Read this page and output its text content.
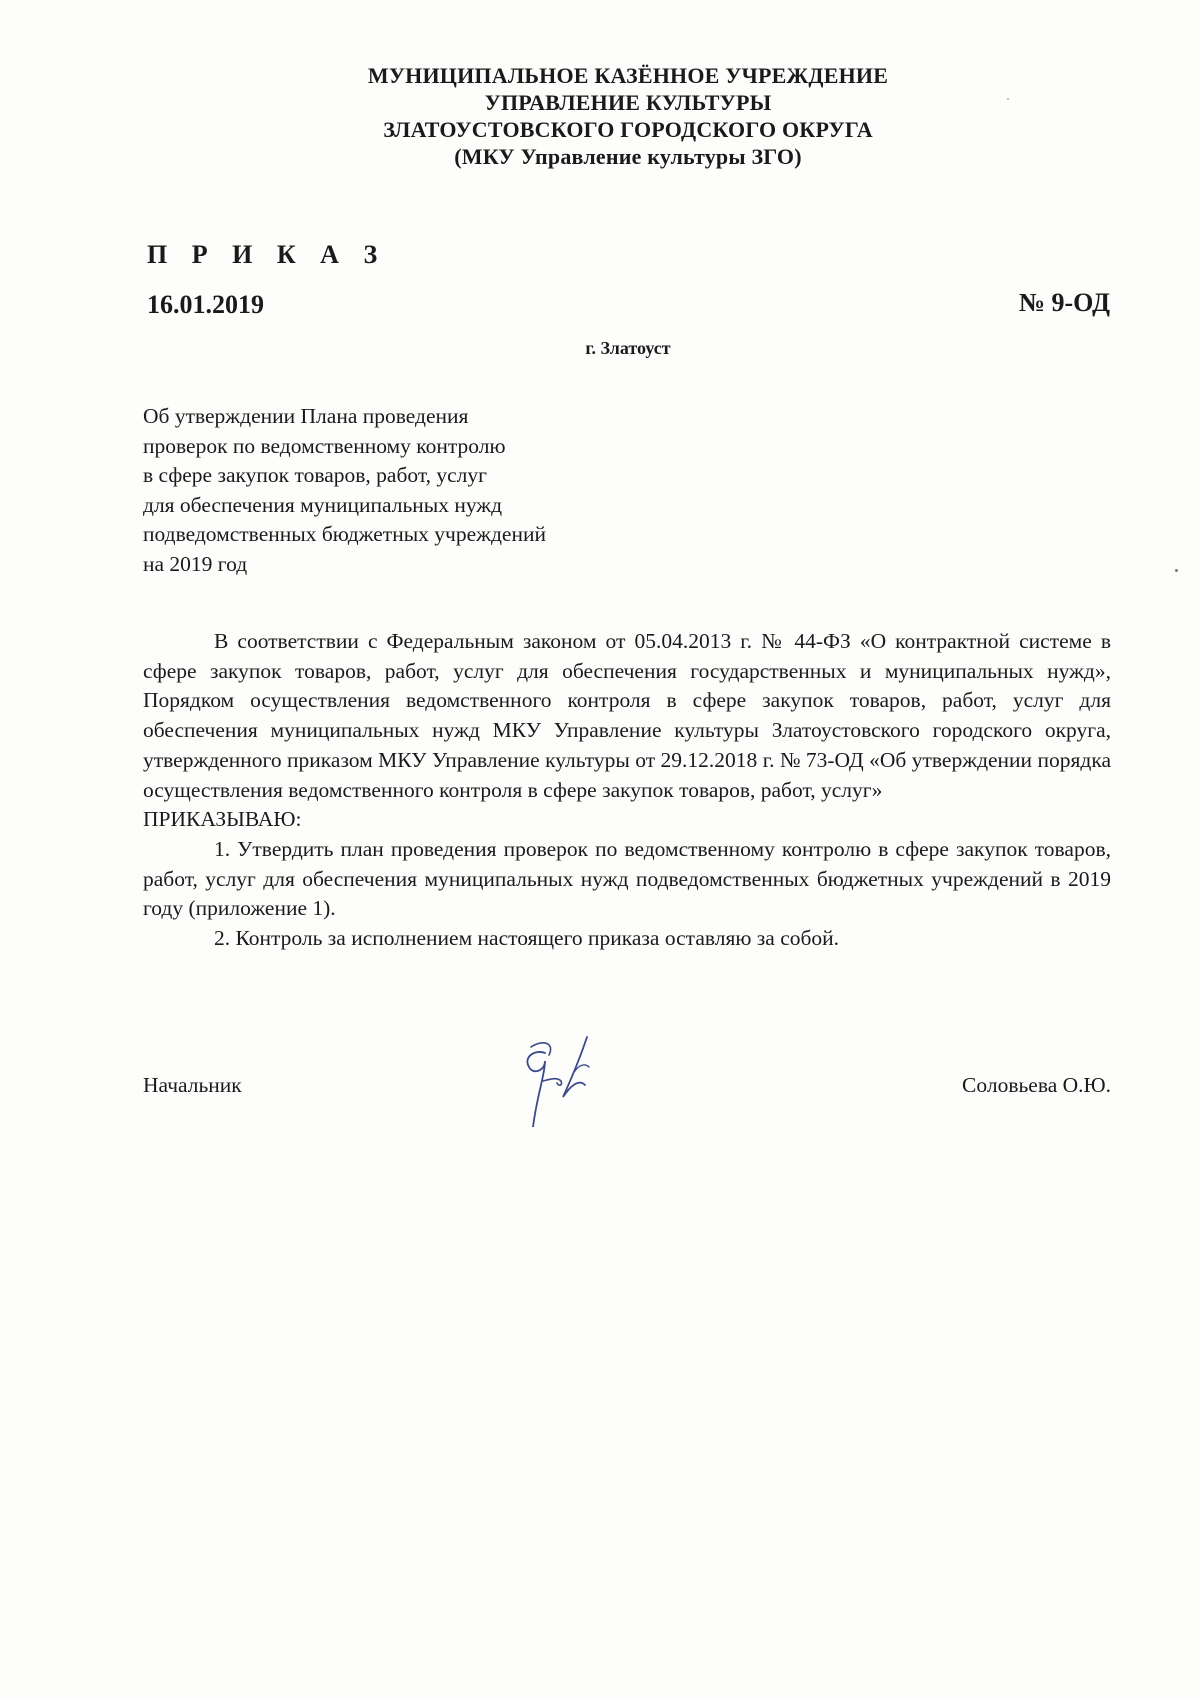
МУНИЦИПАЛЬНОЕ КАЗЁННОЕ УЧРЕЖДЕНИЕ
УПРАВЛЕНИЕ КУЛЬТУРЫ
ЗЛАТОУСТОВСКОГО ГОРОДСКОГО ОКРУГА
(МКУ Управление культуры ЗГО)
П Р И К А З
16.01.2019	№ 9-ОД
г. Златоуст
Об утверждении Плана проведения
проверок по ведомственному контролю
в сфере закупок товаров, работ, услуг
для обеспечения муниципальных нужд
подведомственных бюджетных учреждений
на 2019 год

В соответствии с Федеральным законом от 05.04.2013 г. № 44-ФЗ «О контрактной системе в сфере закупок товаров, работ, услуг для обеспечения государственных и муниципальных нужд», Порядком осуществления ведомственного контроля в сфере закупок товаров, работ, услуг для обеспечения муниципальных нужд МКУ Управление культуры Златоустовского городского округа, утвержденного приказом МКУ Управление культуры от 29.12.2018 г. № 73-ОД «Об утверждении порядка осуществления ведомственного контроля в сфере закупок товаров, работ, услуг»

ПРИКАЗЫВАЮ:

1. Утвердить план проведения проверок по ведомственному контролю в сфере закупок товаров, работ, услуг для обеспечения муниципальных нужд подведомственных бюджетных учреждений в 2019 году (приложение 1).

2. Контроль за исполнением настоящего приказа оставляю за собой.

Начальник	Соловьева О.Ю.
